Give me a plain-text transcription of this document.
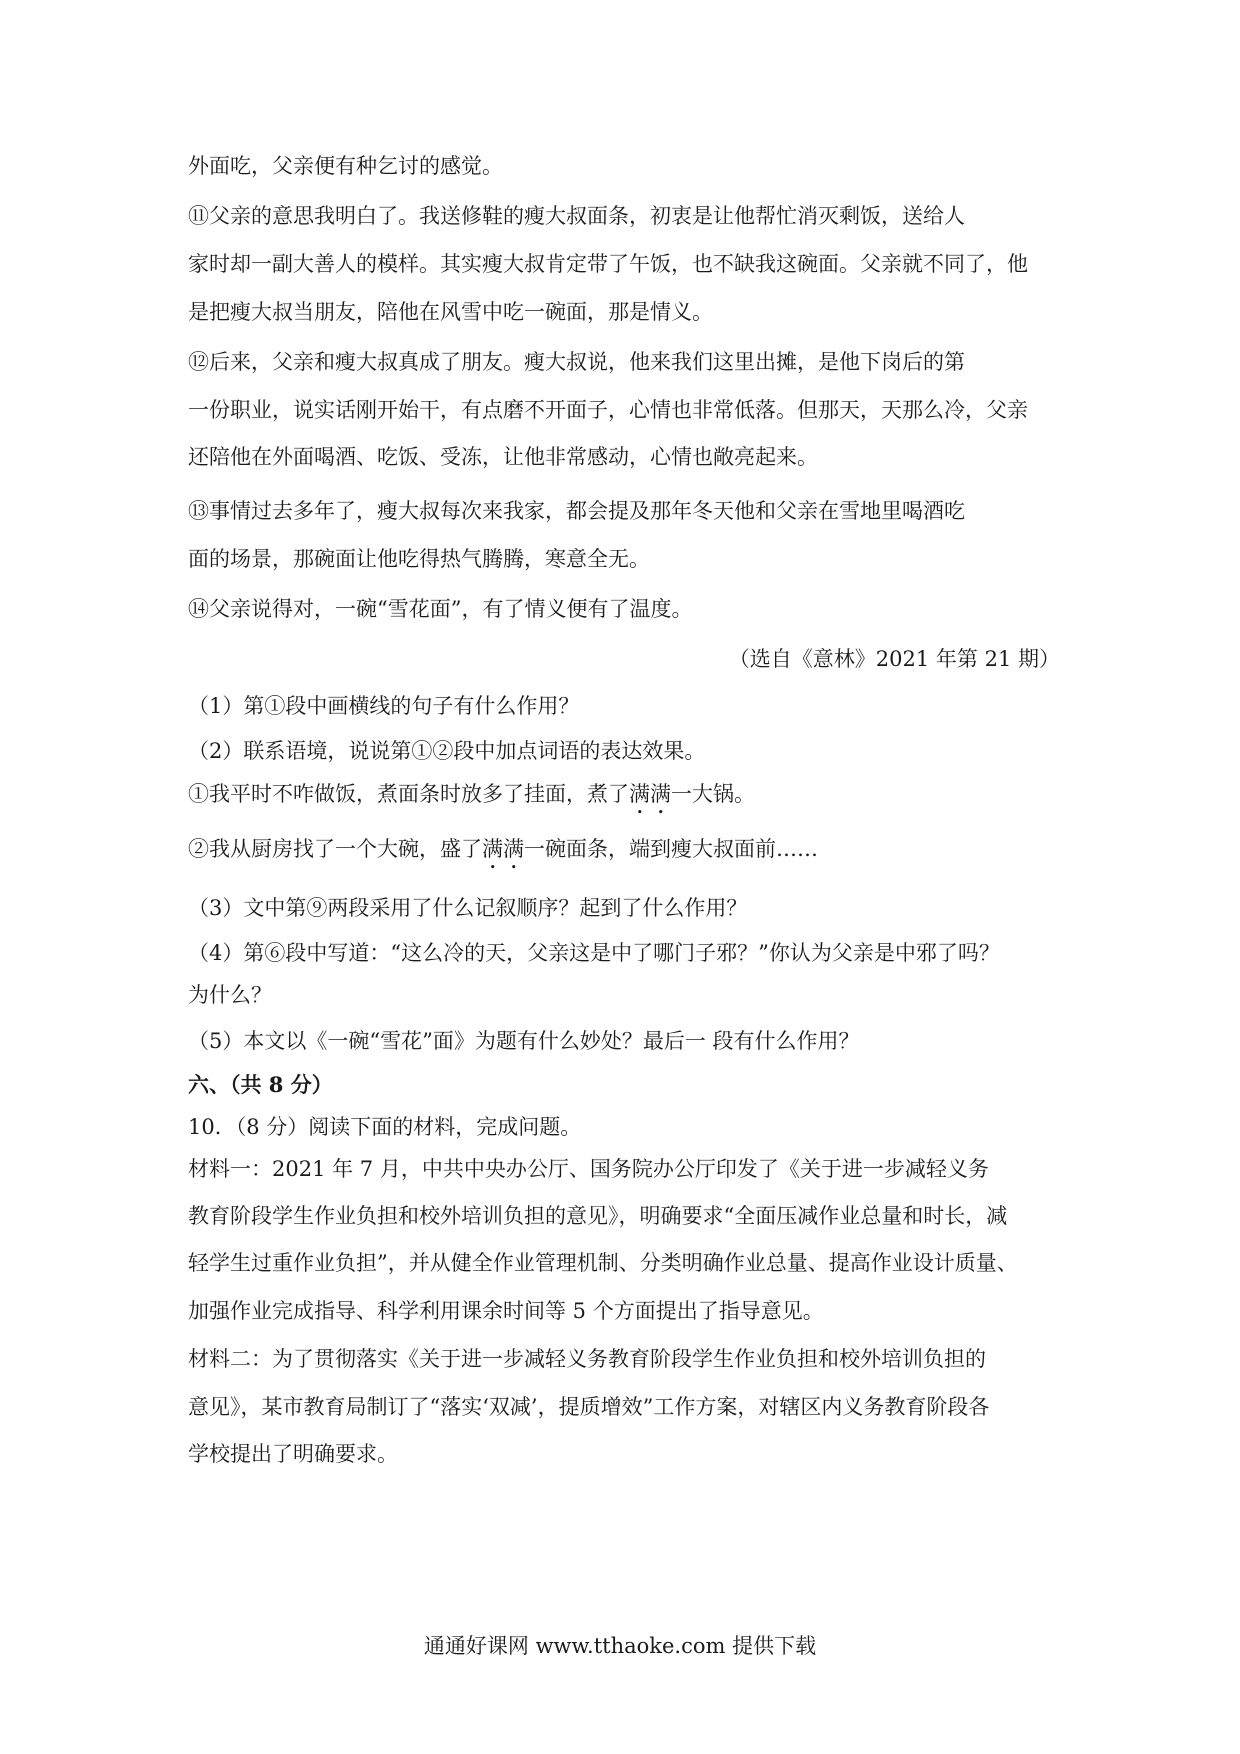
外面吃，父亲便有种乞讨的感觉。

⑪父亲的意思我明白了。我送修鞋的瘦大叔面条，初衷是让他帮忙消灭剩饭，送给人

家时却一副大善人的模样。其实瘦大叔肯定带了午饭，也不缺我这碗面。父亲就不同了，他

是把瘦大叔当朋友，陪他在风雪中吃一碗面，那是情义。

⑫后来，父亲和瘦大叔真成了朋友。瘦大叔说，他来我们这里出摊，是他下岗后的第

一份职业，说实话刚开始干，有点磨不开面子，心情也非常低落。但那天，天那么冷，父亲

还陪他在外面喝酒、吃饭、受冻，让他非常感动，心情也敞亮起来。

⑬事情过去多年了，瘦大叔每次来我家，都会提及那年冬天他和父亲在雪地里喝酒吃

面的场景，那碗面让他吃得热气腾腾，寒意全无。

⑭父亲说得对，一碗“雪花面”，有了情义便有了温度。

（选自《意林》2021 年第 21 期）

（1）第①段中画横线的句子有什么作用？

（2）联系语境，说说第①②段中加点词语的表达效果。

①我平时不咋做饭，煮面条时放多了挂面，煮了满满一大锅。

②我从厨房找了一个大碗，盛了满满一碗面条，端到瘦大叔面前……

（3）文中第⑨两段采用了什么记叙顺序？起到了什么作用？

（4）第⑥段中写道：“这么冷的天，父亲这是中了哪门子邪？”你认为父亲是中邪了吗？

为什么？

（5）本文以《一碗“雪花”面》为题有什么妙处？最后一 段有什么作用？

六、（共 8 分）

10．（8 分）阅读下面的材料，完成问题。

材料一：2021 年 7 月，中共中央办公厅、国务院办公厅印发了《关于进一步减轻义务

教育阶段学生作业负担和校外培训负担的意见》，明确要求“全面压减作业总量和时长，减

轻学生过重作业负担”，并从健全作业管理机制、分类明确作业总量、提高作业设计质量、

加强作业完成指导、科学利用课余时间等 5 个方面提出了指导意见。

材料二：为了贯彻落实《关于进一步减轻义务教育阶段学生作业负担和校外培训负担的

意见》，某市教育局制订了“落实‘双减’，提质增效”工作方案，对辖区内义务教育阶段各

学校提出了明确要求。

通通好课网 www.tthaoke.com 提供下载
